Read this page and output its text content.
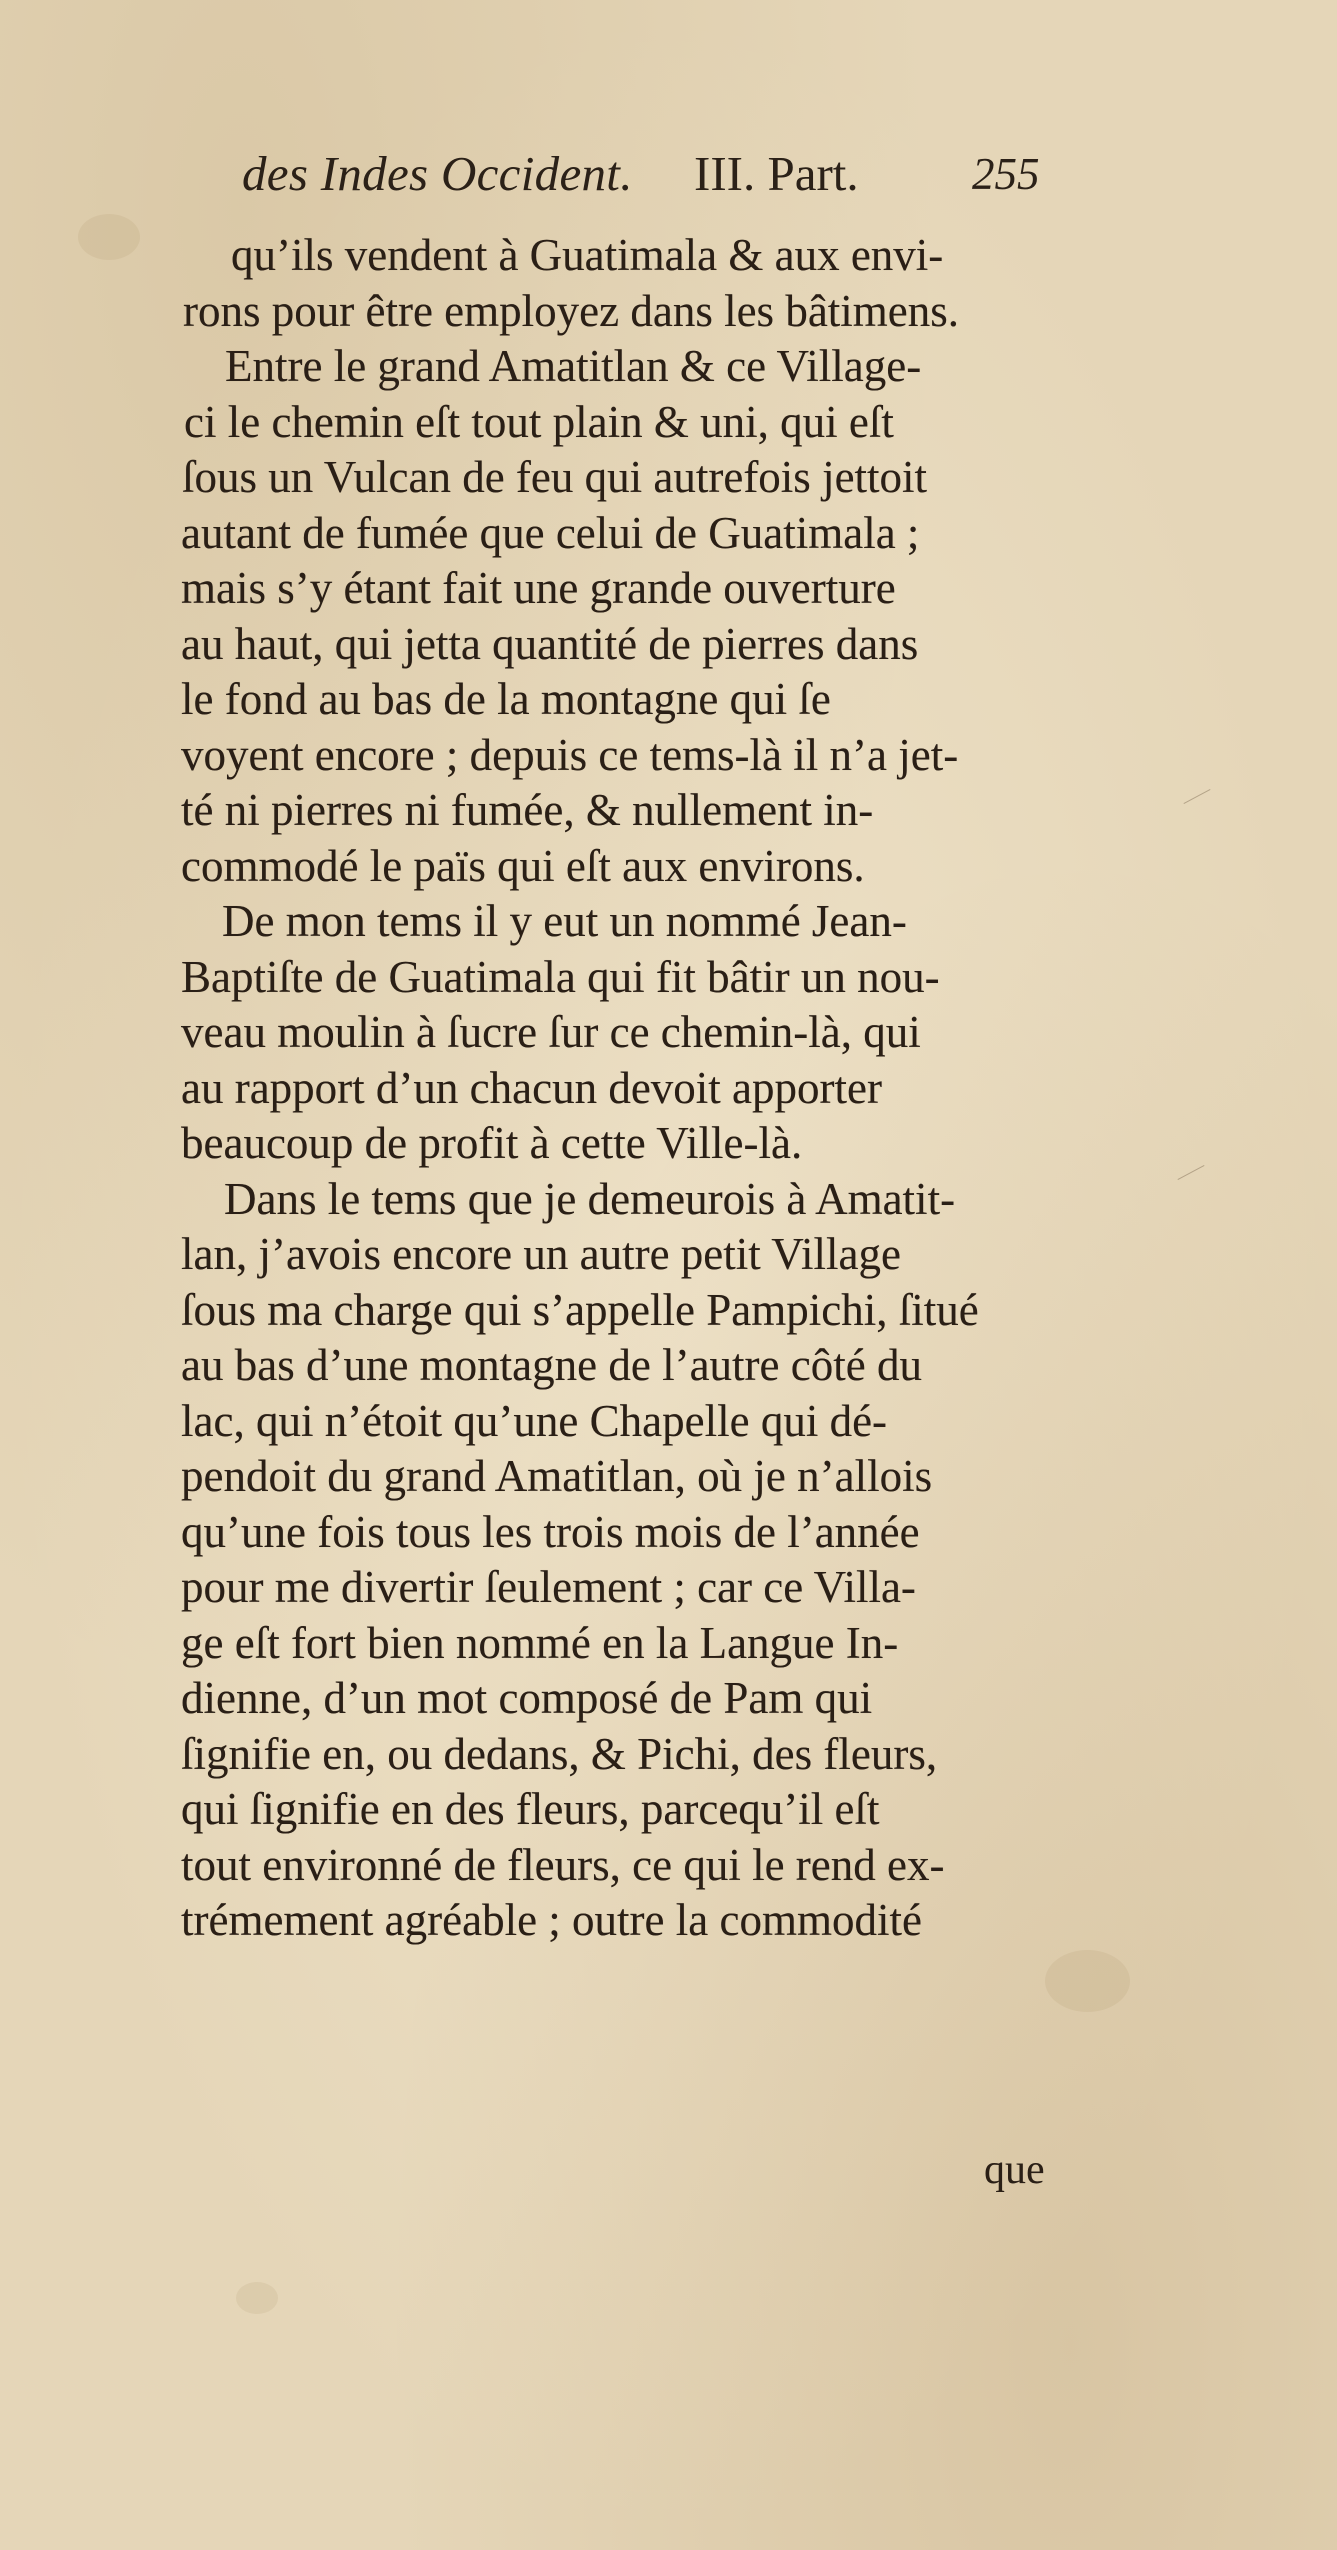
des Indes Occident. III. Part.	255
qu’ils vendent à Guatimala & aux envi-
rons pour être employez dans les bâtimens.
Entre le grand Amatitlan & ce Village-
ci le chemin eſt tout plain & uni, qui eſt
ſous un Vulcan de feu qui autrefois jettoit
autant de fumée que celui de Guatimala ;
mais s’y étant fait une grande ouverture
au haut, qui jetta quantité de pierres dans
le fond au bas de la montagne qui ſe
voyent encore ; depuis ce tems-là il n’a jet-
té ni pierres ni fumée, & nullement in-
commodé le païs qui eſt aux environs.
De mon tems il y eut un nommé Jean-
Baptiſte de Guatimala qui fit bâtir un nou-
veau moulin à ſucre ſur ce chemin-là, qui
au rapport d’un chacun devoit apporter
beaucoup de profit à cette Ville-là.
Dans le tems que je demeurois à Amatit-
lan, j’avois encore un autre petit Village
ſous ma charge qui s’appelle Pampichi, ſitué
au bas d’une montagne de l’autre côté du
lac, qui n’étoit qu’une Chapelle qui dé-
pendoit du grand Amatitlan, où je n’allois
qu’une fois tous les trois mois de l’année
pour me divertir ſeulement ; car ce Villa-
ge eſt fort bien nommé en la Langue In-
dienne, d’un mot composé de Pam qui
ſignifie en, ou dedans, & Pichi, des fleurs,
qui ſignifie en des fleurs, parcequ’il eſt
tout environné de fleurs, ce qui le rend ex-
trémement agréable ; outre la commodité
que
